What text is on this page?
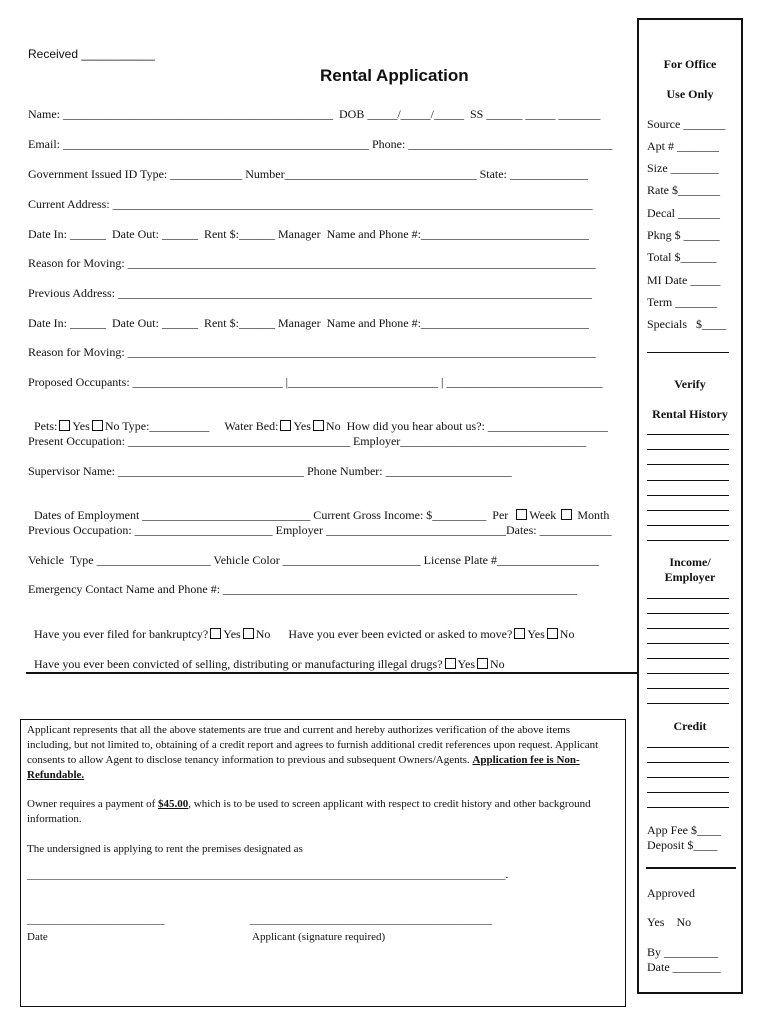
Received ___________
Rental Application
Name: _____________________________________________  DOB _____/_____/_____  SS ______ _____ _______
Email: ___________________________________________________ Phone: __________________________________
Government Issued ID Type: ____________ Number________________________________ State: _____________
Current Address: ________________________________________________________________________________
Date In: ______  Date Out: ______  Rent $:______ Manager  Name and Phone #:____________________________
Reason for Moving: ______________________________________________________________________________
Previous Address: _______________________________________________________________________________
Date In: ______  Date Out: ______  Rent $:______ Manager  Name and Phone #:____________________________
Reason for Moving: ______________________________________________________________________________
Proposed Occupants: _________________________ |_________________________ | __________________________

Pets: Yes No Type:__________ Water Bed: Yes No How did you hear about us?: ____________________

Present Occupation: _____________________________________ Employer_______________________________
Supervisor Name: _______________________________ Phone Number: _____________________

Dates of Employment ____________________________ Current Gross Income: $_________  Per Week Month

Previous Occupation: _______________________ Employer ______________________________Dates: ____________
Vehicle  Type ___________________ Vehicle Color _______________________ License Plate #_________________
Emergency Contact Name and Phone #: ___________________________________________________________

Have you ever filed for bankruptcy? Yes No Have you ever been evicted or asked to move? Yes No

Have you ever been convicted of selling, distributing or manufacturing illegal drugs? Yes No

Applicant represents that all the above statements are true and current and hereby authorizes verification of the above items including, but not limited to, obtaining of a credit report and agrees to furnish additional credit references upon request. Applicant consents to allow Agent to disclose tenancy information to previous and subsequent Owners/Agents. Application fee is Non-Refundable.
Owner requires a payment of $45.00, which is to be used to screen applicant with respect to credit history and other background information.
The undersigned is applying to rent the premises designated as
_______________________________________________________________________________________.
_________________________	____________________________________________
Date	Applicant (signature required)
For Office
Use Only
Source _______
Apt # _______
Size ________
Rate $_______
Decal _______
Pkng $ ______
Total $______
MI Date _____
Term _______
Specials   $____
Verify
Rental History
Income/
Employer
Credit
App Fee $____
Deposit $____
Approved
Yes    No
By _________
Date ________
